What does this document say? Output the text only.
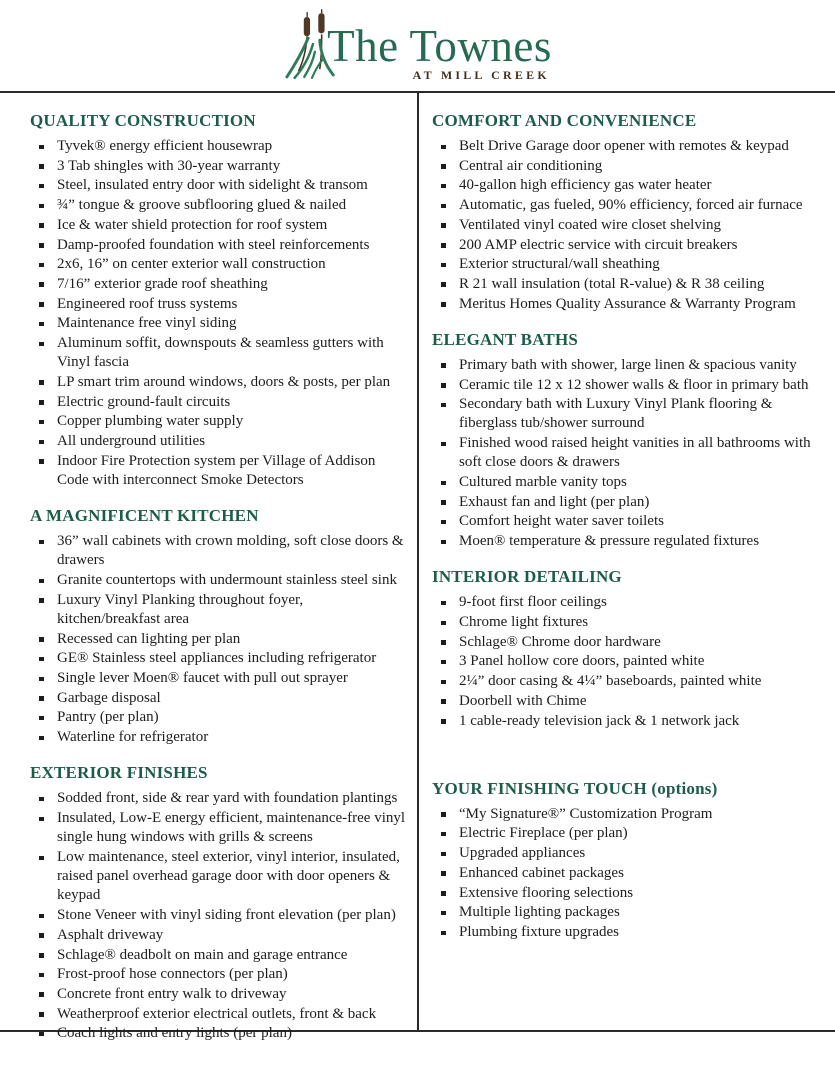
The Townes
AT MILL CREEK
QUALITY CONSTRUCTION
Tyvek® energy efficient housewrap
3 Tab shingles with 30-year warranty
Steel, insulated entry door with sidelight & transom
¾” tongue & groove subflooring glued & nailed
Ice & water shield protection for roof system
Damp-proofed foundation with steel reinforcements
2x6, 16” on center exterior wall construction
7/16” exterior grade roof sheathing
Engineered roof truss systems
Maintenance free vinyl siding
Aluminum soffit, downspouts & seamless gutters with Vinyl fascia
LP smart trim around windows, doors & posts, per plan
Electric ground-fault circuits
Copper plumbing water supply
All underground utilities
Indoor Fire Protection system per Village of Addison Code with interconnect Smoke Detectors
A MAGNIFICENT KITCHEN
36” wall cabinets with crown molding, soft close doors & drawers
Granite countertops with undermount stainless steel sink
Luxury Vinyl Planking throughout foyer, kitchen/breakfast area
Recessed can lighting per plan
GE® Stainless steel appliances including refrigerator
Single lever Moen® faucet with pull out sprayer
Garbage disposal
Pantry (per plan)
Waterline for refrigerator
EXTERIOR FINISHES
Sodded front, side & rear yard with foundation plantings
Insulated, Low-E energy efficient, maintenance-free vinyl single hung windows with grills & screens
Low maintenance, steel exterior, vinyl interior, insulated, raised panel overhead garage door with door openers & keypad
Stone Veneer with vinyl siding front elevation (per plan)
Asphalt driveway
Schlage® deadbolt on main and garage entrance
Frost-proof hose connectors (per plan)
Concrete front entry walk to driveway
Weatherproof exterior electrical outlets, front & back
Coach lights and entry lights (per plan)
COMFORT AND CONVENIENCE
Belt Drive Garage door opener with remotes & keypad
Central air conditioning
40-gallon high efficiency gas water heater
Automatic, gas fueled, 90% efficiency, forced air furnace
Ventilated vinyl coated wire closet shelving
200 AMP electric service with circuit breakers
Exterior structural/wall sheathing
R 21 wall insulation (total R-value) & R 38 ceiling
Meritus Homes Quality Assurance & Warranty Program
ELEGANT BATHS
Primary bath with shower, large linen & spacious vanity
Ceramic tile 12 x 12 shower walls & floor in primary bath
Secondary bath with Luxury Vinyl Plank flooring & fiberglass tub/shower surround
Finished wood raised height vanities in all bathrooms with soft close doors & drawers
Cultured marble vanity tops
Exhaust fan and light (per plan)
Comfort height water saver toilets
Moen® temperature & pressure regulated fixtures
INTERIOR DETAILING
9-foot first floor ceilings
Chrome light fixtures
Schlage® Chrome door hardware
3 Panel hollow core doors, painted white
2¼” door casing & 4¼” baseboards, painted white
Doorbell with Chime
1 cable-ready television jack & 1 network jack
YOUR FINISHING TOUCH (options)
“My Signature®” Customization Program
Electric Fireplace (per plan)
Upgraded appliances
Enhanced cabinet packages
Extensive flooring selections
Multiple lighting packages
Plumbing fixture upgrades
